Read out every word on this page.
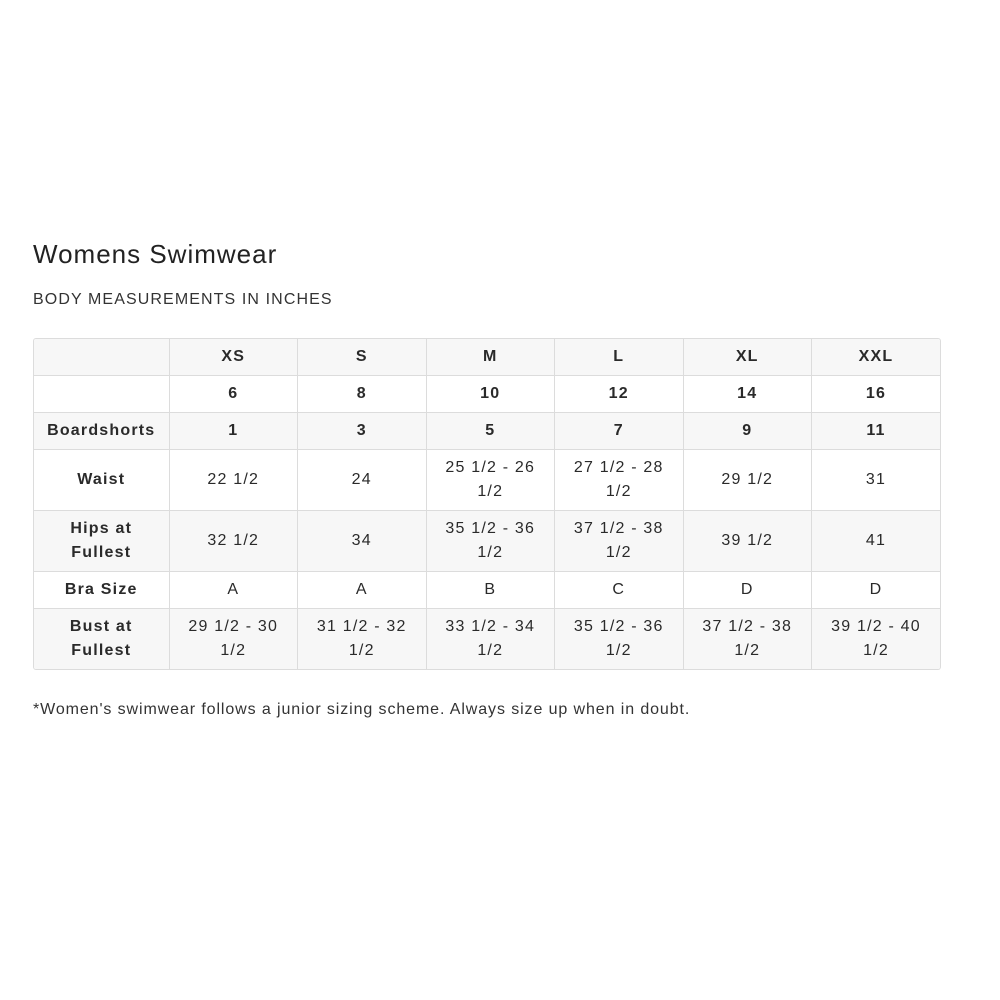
Womens Swimwear
BODY MEASUREMENTS IN INCHES
	XS	S	M	L	XL	XXL
	6	8	10	12	14	16
Boardshorts	1	3	5	7	9	11
Waist	22 1/2	24	25 1/2 - 26 1/2	27 1/2 - 28 1/2	29 1/2	31
Hips at Fullest	32 1/2	34	35 1/2 - 36 1/2	37 1/2 - 38 1/2	39 1/2	41
Bra Size	A	A	B	C	D	D
Bust at Fullest	29 1/2 - 30 1/2	31 1/2 - 32 1/2	33 1/2 - 34 1/2	35 1/2 - 36 1/2	37 1/2 - 38 1/2	39 1/2 - 40 1/2
*Women's swimwear follows a junior sizing scheme. Always size up when in doubt.
